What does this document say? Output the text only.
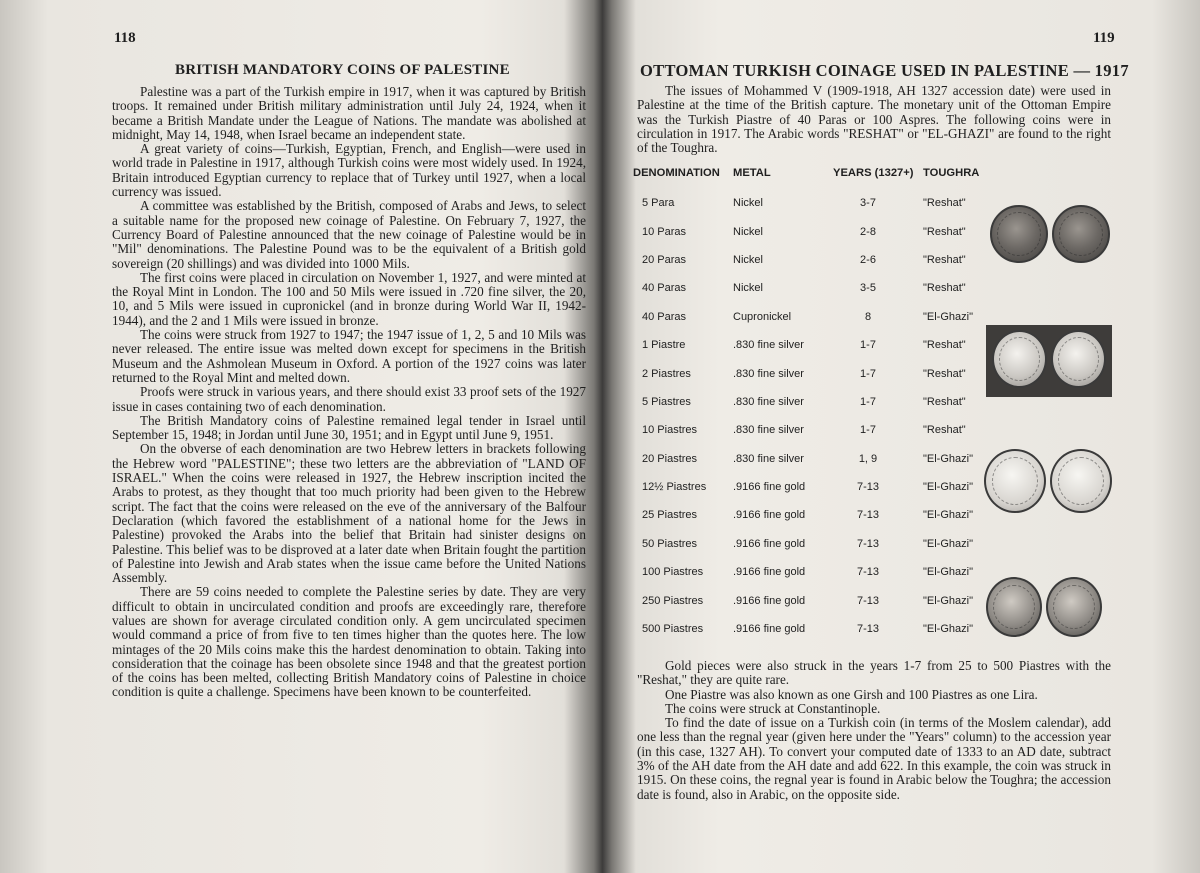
118
BRITISH MANDATORY COINS OF PALESTINE

Palestine was a part of the Turkish empire in 1917, when it was captured by British troops. It remained under British military administration until July 24, 1924, when it became a British Mandate under the League of Nations. The mandate was abolished at midnight, May 14, 1948, when Israel became an independent state.

A great variety of coins—Turkish, Egyptian, French, and English—were used in world trade in Palestine in 1917, although Turkish coins were most widely used. In 1924, Britain introduced Egyptian currency to replace that of Turkey until 1927, when a local currency was issued.

A committee was established by the British, composed of Arabs and Jews, to select a suitable name for the proposed new coinage of Palestine. On February 7, 1927, the Currency Board of Palestine announced that the new coinage of Palestine would be in "Mil" denominations. The Palestine Pound was to be the equivalent of a British gold sovereign (20 shillings) and was divided into 1000 Mils.

The first coins were placed in circulation on November 1, 1927, and were minted at the Royal Mint in London. The 100 and 50 Mils were issued in .720 fine silver, the 20, 10, and 5 Mils were issued in cupronickel (and in bronze during World War II, 1942-1944), and the 2 and 1 Mils were issued in bronze.

The coins were struck from 1927 to 1947; the 1947 issue of 1, 2, 5 and 10 Mils was never released. The entire issue was melted down except for specimens in the British Museum and the Ashmolean Museum in Oxford. A portion of the 1927 coins was later returned to the Royal Mint and melted down.

Proofs were struck in various years, and there should exist 33 proof sets of the 1927 issue in cases containing two of each denomination.

The British Mandatory coins of Palestine remained legal tender in Israel until September 15, 1948; in Jordan until June 30, 1951; and in Egypt until June 9, 1951.

On the obverse of each denomination are two Hebrew letters in brackets following the Hebrew word "PALESTINE"; these two letters are the abbreviation of "LAND OF ISRAEL." When the coins were released in 1927, the Hebrew inscription incited the Arabs to protest, as they thought that too much priority had been given to the Hebrew script. The fact that the coins were released on the eve of the anniversary of the Balfour Declaration (which favored the establishment of a national home for the Jews in Palestine) provoked the Arabs into the belief that Britain had sinister designs on Palestine. This belief was to be disproved at a later date when Britain fought the partition of Palestine into Jewish and Arab states when the issue came before the United Nations Assembly.

There are 59 coins needed to complete the Palestine series by date. They are very difficult to obtain in uncirculated condition and proofs are exceedingly rare, therefore values are shown for average circulated condition only. A gem uncirculated specimen would command a price of from five to ten times higher than the quotes here. The low mintages of the 20 Mils coins make this the hardest denomination to obtain. Taking into consideration that the coinage has been obsolete since 1948 and that the greatest portion of the coins has been melted, collecting British Mandatory coins of Palestine in choice condition is quite a challenge. Specimens have been known to be counterfeited.

119
OTTOMAN TURKISH COINAGE USED IN PALESTINE — 1917

The issues of Mohammed V (1909-1918, AH 1327 accession date) were used in Palestine at the time of the British capture. The monetary unit of the Ottoman Empire was the Turkish Piastre of 40 Paras or 100 Aspres. The following coins were in circulation in 1917. The Arabic words "RESHAT" or "EL-GHAZI" are found to the right of the Toughra.

DENOMINATION	METAL	YEARS (1327+) TOUGHRA
5 Para	Nickel	3-7	"Reshat"
10 Paras	Nickel	2-8	"Reshat"
20 Paras	Nickel	2-6	"Reshat"
40 Paras	Nickel	3-5	"Reshat"
40 Paras	Cupronickel	8	"El-Ghazi"
1 Piastre	.830 fine silver	1-7	"Reshat"
2 Piastres	.830 fine silver	1-7	"Reshat"
5 Piastres	.830 fine silver	1-7	"Reshat"
10 Piastres	.830 fine silver	1-7	"Reshat"
20 Piastres	.830 fine silver	1, 9	"El-Ghazi"
12½ Piastres	.9166 fine gold	7-13	"El-Ghazi"
25 Piastres	.9166 fine gold	7-13	"El-Ghazi"
50 Piastres	.9166 fine gold	7-13	"El-Ghazi"
100 Piastres	.9166 fine gold	7-13	"El-Ghazi"
250 Piastres	.9166 fine gold	7-13	"El-Ghazi"
500 Piastres	.9166 fine gold	7-13	"El-Ghazi"

Gold pieces were also struck in the years 1-7 from 25 to 500 Piastres with the "Reshat," they are quite rare.

One Piastre was also known as one Girsh and 100 Piastres as one Lira.

The coins were struck at Constantinople.

To find the date of issue on a Turkish coin (in terms of the Moslem calendar), add one less than the regnal year (given here under the "Years" column) to the accession year (in this case, 1327 AH). To convert your computed date of 1333 to an AD date, subtract 3% of the AH date from the AH date and add 622. In this example, the coin was struck in 1915. On these coins, the regnal year is found in Arabic below the Toughra; the accession date is found, also in Arabic, on the opposite side.
